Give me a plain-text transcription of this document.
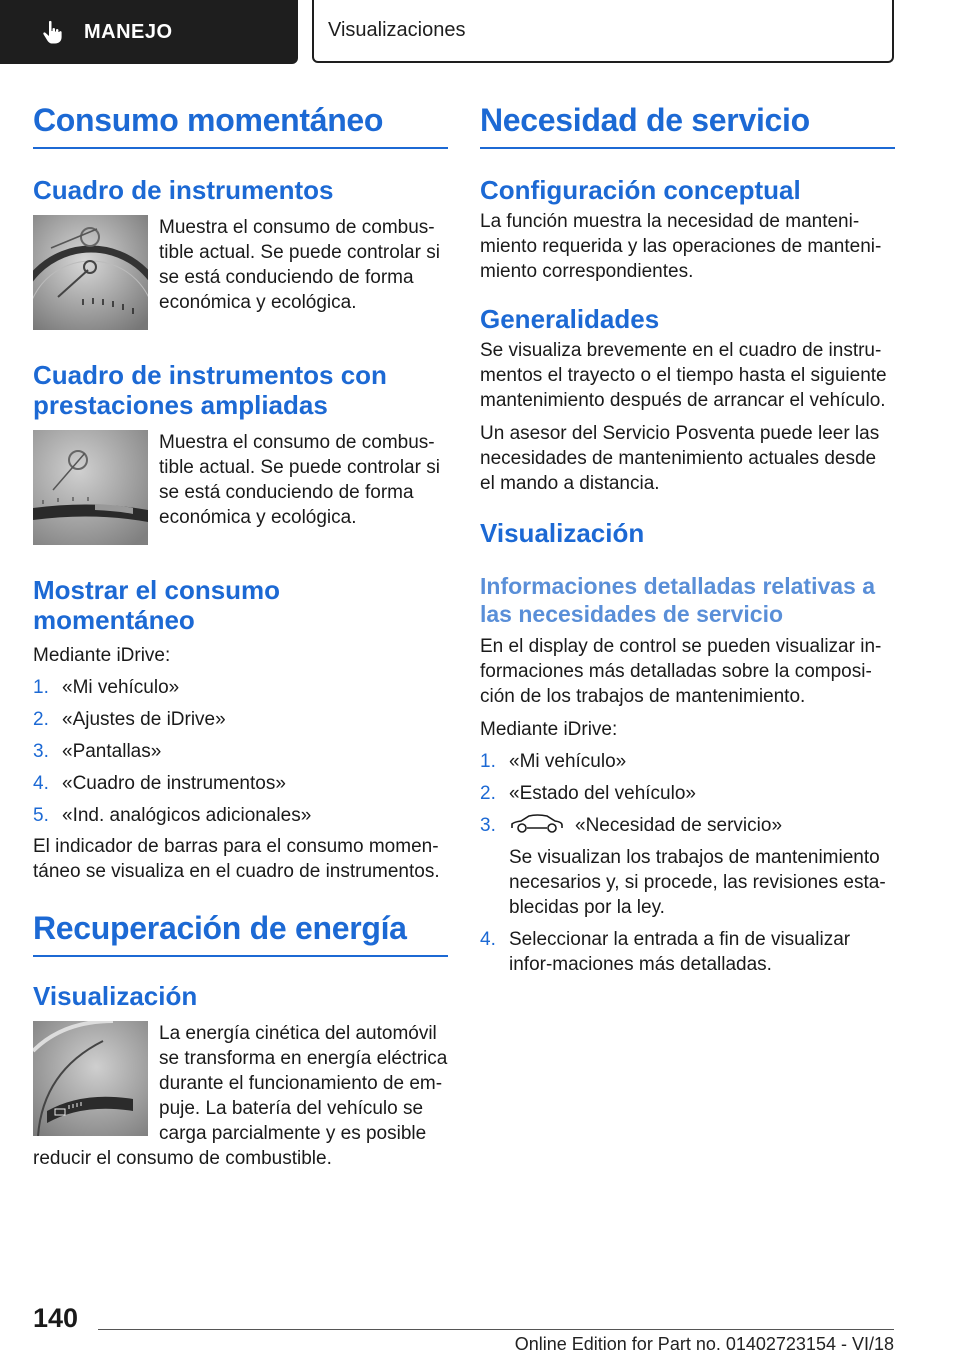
MANEJO	Visualizaciones
Consumo momentáneo
Cuadro de instrumentos

Muestra el consumo de combus‐tible actual. Se puede controlar si se está conduciendo de forma económica y ecológica.

Cuadro de instrumentos con prestaciones ampliadas

Muestra el consumo de combus‐tible actual. Se puede controlar si se está conduciendo de forma económica y ecológica.

Mostrar el consumo momentáneo

Mediante iDrive:

1. «Mi vehículo»
2. «Ajustes de iDrive»
3. «Pantallas»
4. «Cuadro de instrumentos»
5. «Ind. analógicos adicionales»

El indicador de barras para el consumo momen‐táneo se visualiza en el cuadro de instrumentos.

Recuperación de energía
Visualización

La energía cinética del automóvil se transforma en energía eléctrica durante el funcionamiento de em‐puje. La batería del vehículo se carga parcialmente y es posible

reducir el consumo de combustible.

Necesidad de servicio
Configuración conceptual

La función muestra la necesidad de manteni‐miento requerida y las operaciones de manteni‐miento correspondientes.

Generalidades

Se visualiza brevemente en el cuadro de instru‐mentos el trayecto o el tiempo hasta el siguiente mantenimiento después de arrancar el vehículo.

Un asesor del Servicio Posventa puede leer las necesidades de mantenimiento actuales desde el mando a distancia.

Visualización
Informaciones detalladas relativas a las necesidades de servicio

En el display de control se pueden visualizar in‐formaciones más detalladas sobre la composi‐ción de los trabajos de mantenimiento.

Mediante iDrive:

1. «Mi vehículo»
2. «Estado del vehículo»
3.	«Necesidad de servicio»
Se visualizan los trabajos de mantenimiento necesarios y, si procede, las revisiones esta‐blecidas por la ley.
4. Seleccionar la entrada a fin de visualizar infor‐maciones más detalladas.
140
Online Edition for Part no. 01402723154 - VI/18
